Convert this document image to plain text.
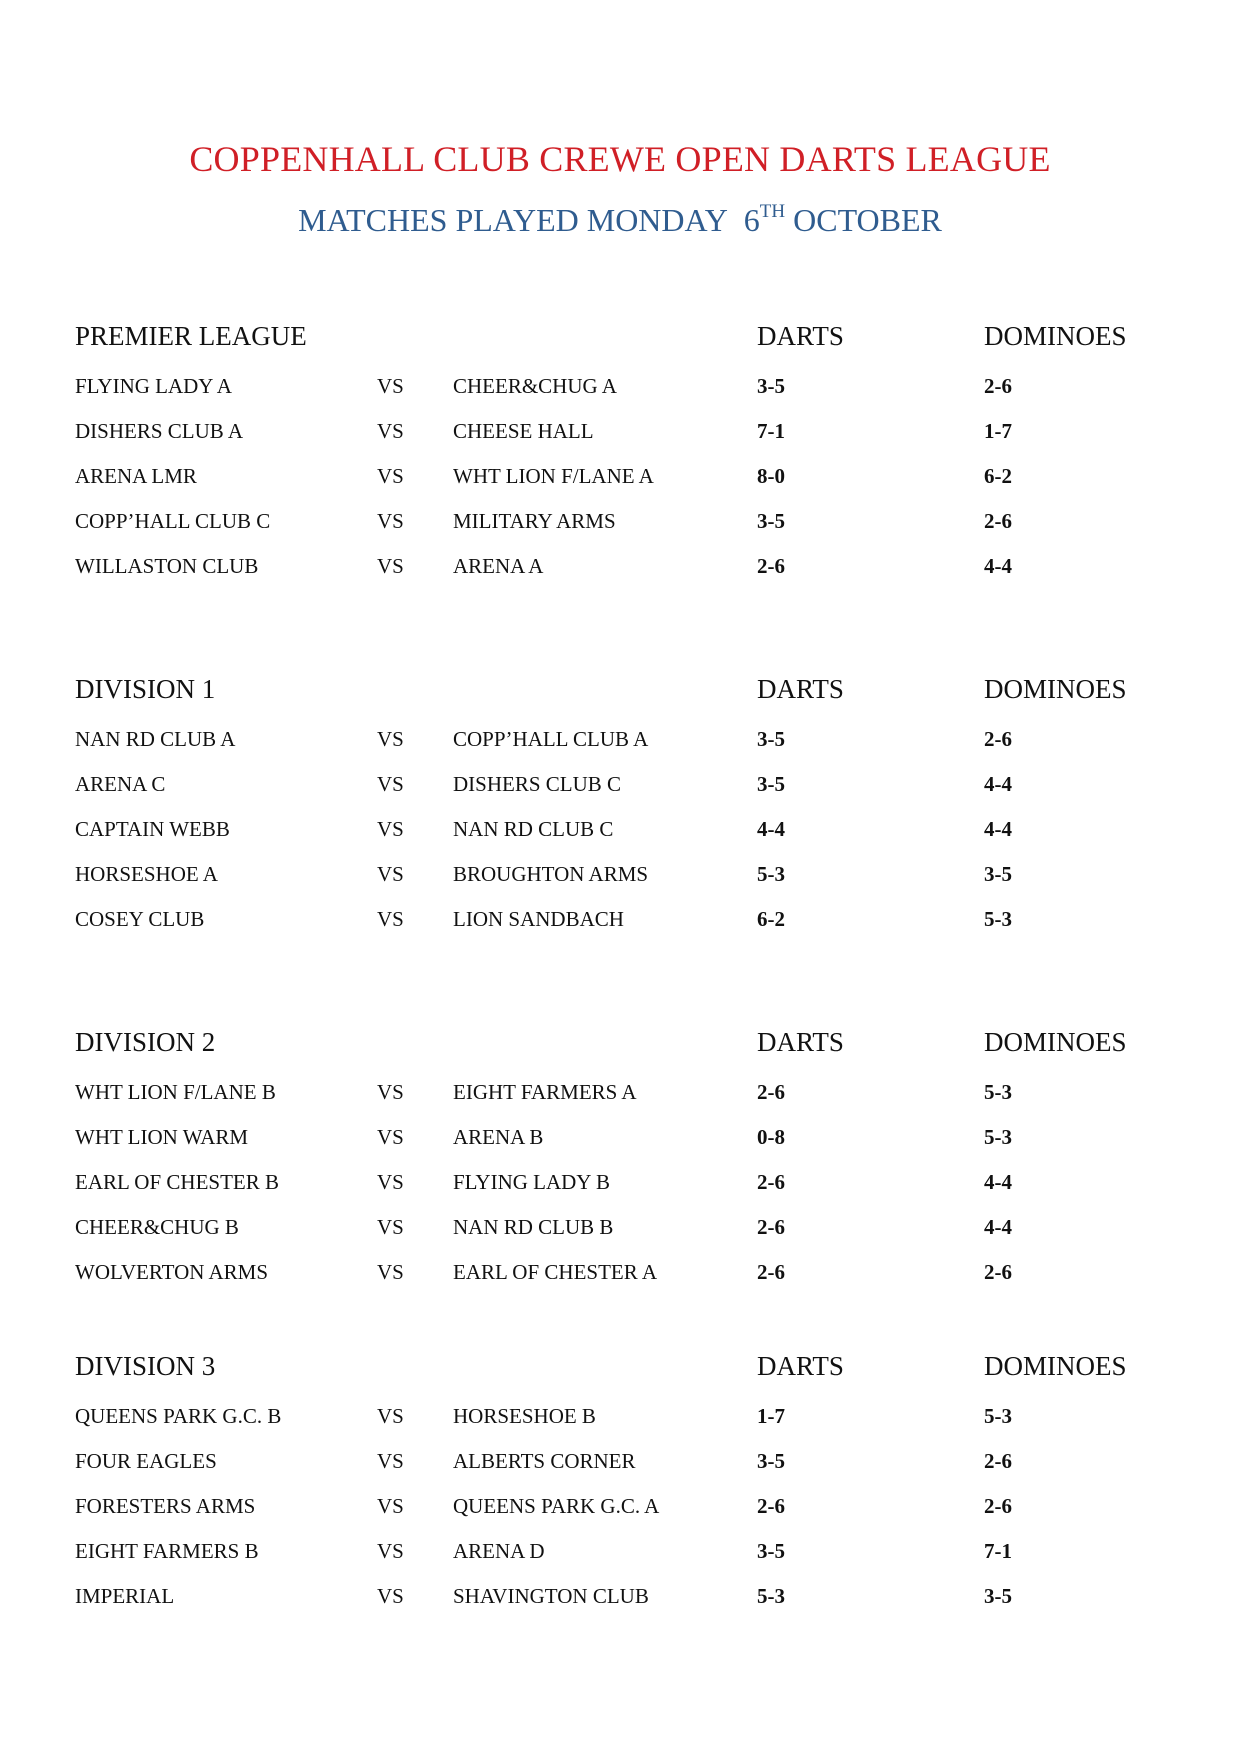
COPPENHALL CLUB CREWE OPEN DARTS LEAGUE
MATCHES PLAYED MONDAY 6TH OCTOBER
PREMIER LEAGUE	DARTS	DOMINOES
FLYING LADY A	VS CHEER&CHUG A	3-5	2-6
DISHERS CLUB A	VS CHEESE HALL	7-1	1-7
ARENA LMR	VS WHT LION F/LANE A	8-0	6-2
COPP’HALL CLUB C	VS MILITARY ARMS	3-5	2-6
WILLASTON CLUB	VS ARENA A	2-6	4-4
DIVISION 1	DARTS	DOMINOES
NAN RD CLUB A	VS COPP’HALL CLUB A	3-5	2-6
ARENA C	VS DISHERS CLUB C	3-5	4-4
CAPTAIN WEBB	VS NAN RD CLUB C	4-4	4-4
HORSESHOE A	VS BROUGHTON ARMS	5-3	3-5
COSEY CLUB	VS LION SANDBACH	6-2	5-3
DIVISION 2	DARTS	DOMINOES
WHT LION F/LANE B	VS EIGHT FARMERS A	2-6	5-3
WHT LION WARM	VS ARENA B	0-8	5-3
EARL OF CHESTER B	VS FLYING LADY B	2-6	4-4
CHEER&CHUG B	VS NAN RD CLUB B	2-6	4-4
WOLVERTON ARMS	VS EARL OF CHESTER A	2-6	2-6
DIVISION 3	DARTS	DOMINOES
QUEENS PARK G.C. B	VS HORSESHOE B	1-7	5-3
FOUR EAGLES	VS ALBERTS CORNER	3-5	2-6
FORESTERS ARMS	VS QUEENS PARK G.C. A	2-6	2-6
EIGHT FARMERS B	VS ARENA D	3-5	7-1
IMPERIAL	VS SHAVINGTON CLUB	5-3	3-5
